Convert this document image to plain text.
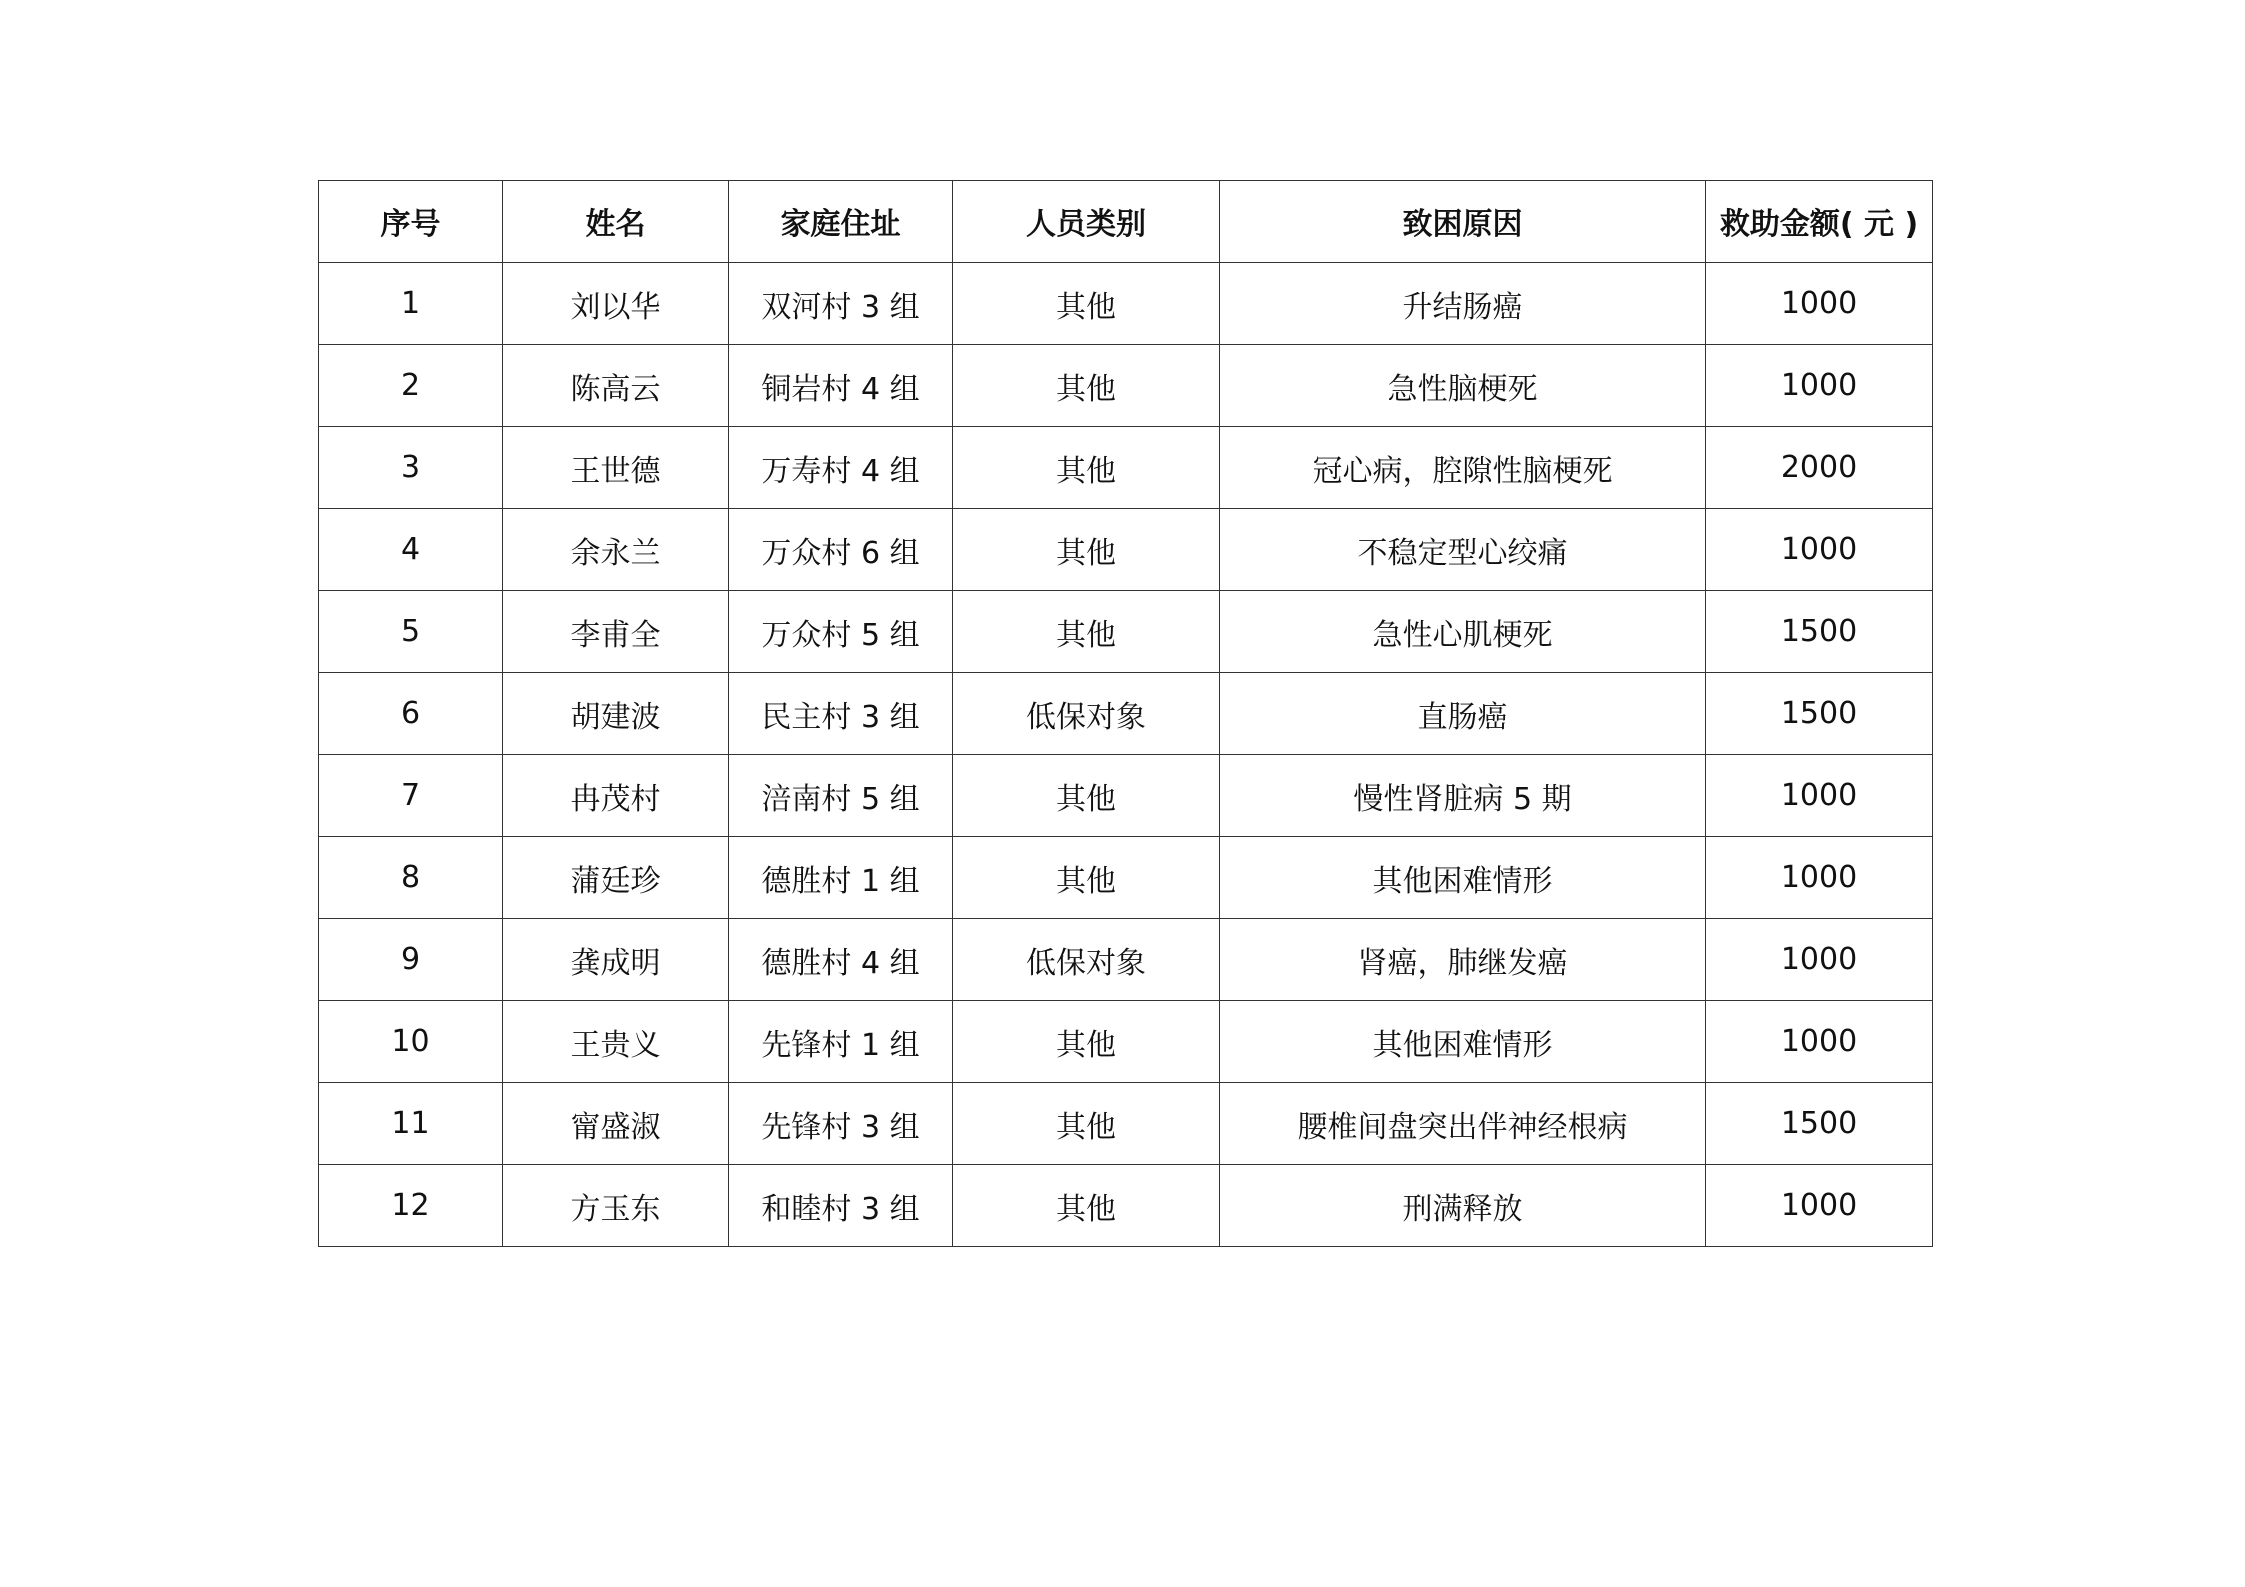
序号	姓名	家庭住址	人员类别	致困原因	救助金额( 元 )
1	刘以华	双河村 3 组	其他	升结肠癌	1000
2	陈高云	铜岩村 4 组	其他	急性脑梗死	1000
3	王世德	万寿村 4 组	其他	冠心病，腔隙性脑梗死	2000
4	余永兰	万众村 6 组	其他	不稳定型心绞痛	1000
5	李甫全	万众村 5 组	其他	急性心肌梗死	1500
6	胡建波	民主村 3 组	低保对象	直肠癌	1500
7	冉茂村	涪南村 5 组	其他	慢性肾脏病 5 期	1000
8	蒲廷珍	德胜村 1 组	其他	其他困难情形	1000
9	龚成明	德胜村 4 组	低保对象	肾癌，肺继发癌	1000
10	王贵义	先锋村 1 组	其他	其他困难情形	1000
11	甯盛淑	先锋村 3 组	其他	腰椎间盘突出伴神经根病	1500
12	方玉东	和睦村 3 组	其他	刑满释放	1000
